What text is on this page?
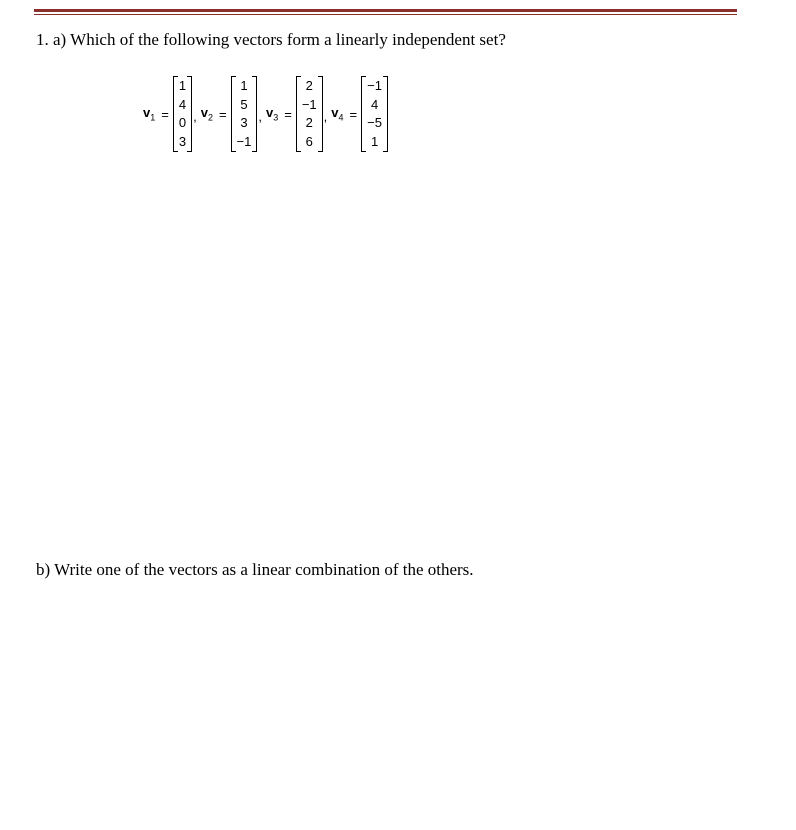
1. a) Which of the following vectors form a linearly independent set?
$v_1$ =
1
4
0
3
, $v_2$ =
1
5
3
−1
, $v_3$ =
2
−1
2
6
, $v_4$ =
−1
4
−5
1
b) Write one of the vectors as a linear combination of the others.
